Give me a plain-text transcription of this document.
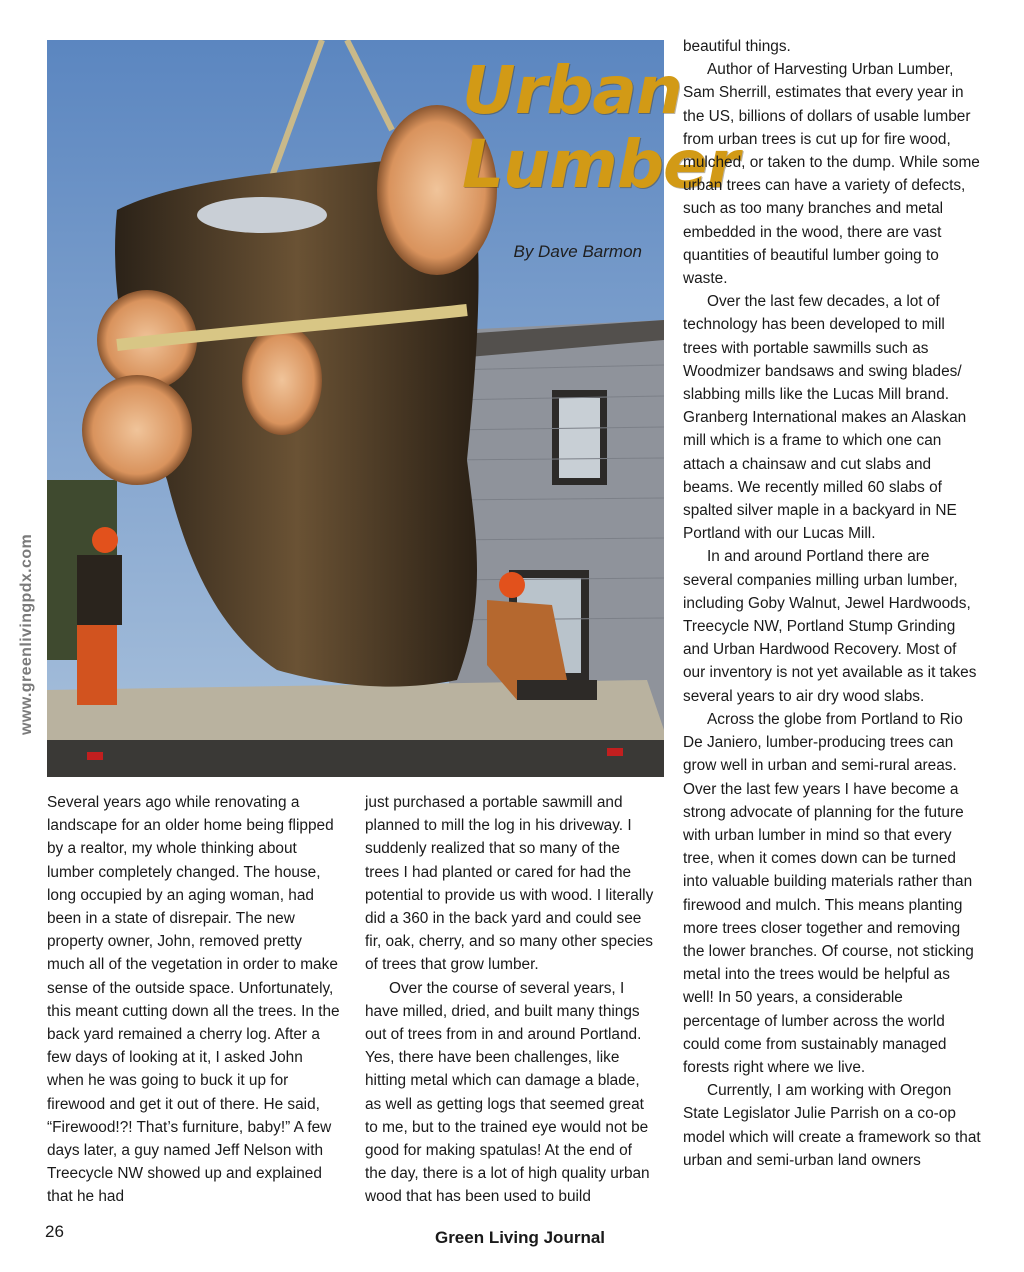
Urban
Lumber
By Dave Barmon
www.greenlivingpdx.com

Several years ago while renovating a landscape for an older home being flipped by a realtor, my whole thinking about lumber completely changed. The house, long occupied by an aging woman, had been in a state of disrepair. The new property owner, John, removed pretty much all of the vegetation in order to make sense of the outside space. Unfortunately, this meant cutting down all the trees. In the back yard remained a cherry log. After a few days of looking at it, I asked John when he was going to buck it up for firewood and get it out of there. He said, “Firewood!?! That’s furniture, baby!” A few days later, a guy named Jeff Nelson with Treecycle NW showed up and explained that he had

just purchased a portable sawmill and planned to mill the log in his driveway. I suddenly realized that so many of the trees I had planted or cared for had the potential to provide us with wood. I literally did a 360 in the back yard and could see fir, oak, cherry, and so many other species of trees that grow lumber.

Over the course of several years, I have milled, dried, and built many things out of trees from in and around Portland. Yes, there have been challenges, like hitting metal which can damage a blade, as well as getting logs that seemed great to me, but to the trained eye would not be good for making spatulas! At the end of the day, there is a lot of high quality urban wood that has been used to build

beautiful things.

Author of Harvesting Urban Lumber, Sam Sherrill, estimates that every year in the US, billions of dollars of usable lumber from urban trees is cut up for fire wood, mulched, or taken to the dump. While some urban trees can have a variety of defects, such as too many branches and metal embedded in the wood, there are vast quantities of beautiful lumber going to waste.

Over the last few decades, a lot of technology has been developed to mill trees with portable sawmills such as Woodmizer bandsaws and swing blades/ slabbing mills like the Lucas Mill brand. Granberg International makes an Alaskan mill which is a frame to which one can attach a chainsaw and cut slabs and beams. We recently milled 60 slabs of spalted silver maple in a backyard in NE Portland with our Lucas Mill.

In and around Portland there are several companies milling urban lumber, including Goby Walnut, Jewel Hardwoods, Treecycle NW, Portland Stump Grinding and Urban Hardwood Recovery. Most of our inventory is not yet available as it takes several years to air dry wood slabs.

Across the globe from Portland to Rio De Janiero, lumber-producing trees can grow well in urban and semi-rural areas. Over the last few years I have become a strong advocate of planning for the future with urban lumber in mind so that every tree, when it comes down can be turned into valuable building materials rather than firewood and mulch. This means planting more trees closer together and removing the lower branches. Of course, not sticking metal into the trees would be helpful as well! In 50 years, a considerable percentage of lumber across the world could come from sustainably managed forests right where we live.

Currently, I am working with Oregon State Legislator Julie Parrish on a co-op model which will create a framework so that urban and semi-urban land owners

26	Green Living Journal
